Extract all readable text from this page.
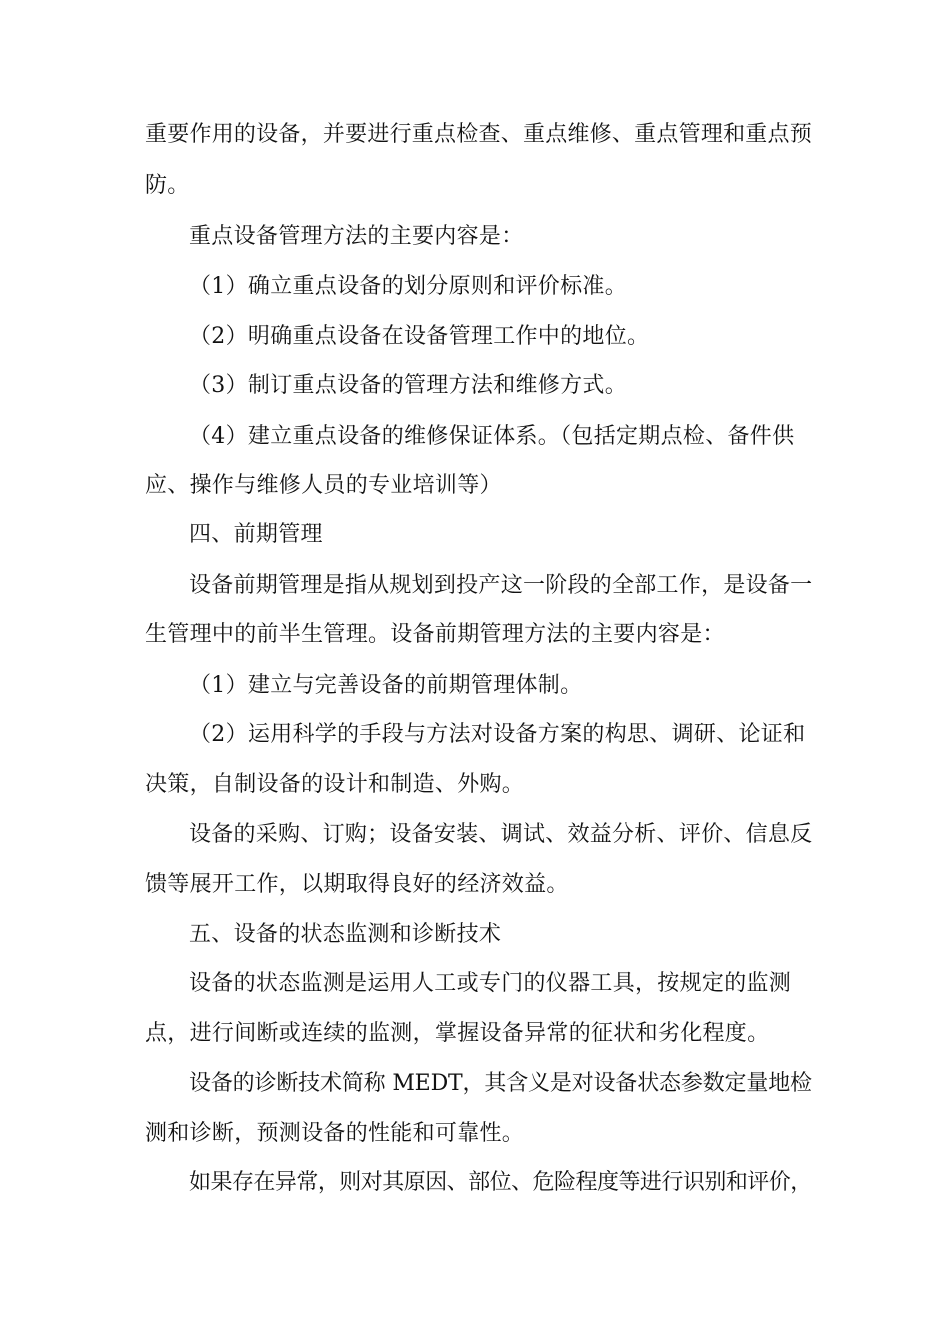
重要作用的设备，并要进行重点检查、重点维修、重点管理和重点预
防。
重点设备管理方法的主要内容是：
（1）确立重点设备的划分原则和评价标准。
（2）明确重点设备在设备管理工作中的地位。
（3）制订重点设备的管理方法和维修方式。
（4）建立重点设备的维修保证体系。（包括定期点检、备件供
应、操作与维修人员的专业培训等）
四、前期管理
设备前期管理是指从规划到投产这一阶段的全部工作，是设备一
生管理中的前半生管理。设备前期管理方法的主要内容是：
（1）建立与完善设备的前期管理体制。
（2）运用科学的手段与方法对设备方案的构思、调研、论证和
决策，自制设备的设计和制造、外购。
设备的采购、订购；设备安装、调试、效益分析、评价、信息反
馈等展开工作，以期取得良好的经济效益。
五、设备的状态监测和诊断技术
设备的状态监测是运用人工或专门的仪器工具，按规定的监测
点，进行间断或连续的监测，掌握设备异常的征状和劣化程度。
设备的诊断技术简称 MEDT，其含义是对设备状态参数定量地检
测和诊断，预测设备的性能和可靠性。
如果存在异常，则对其原因、部位、危险程度等进行识别和评价，
